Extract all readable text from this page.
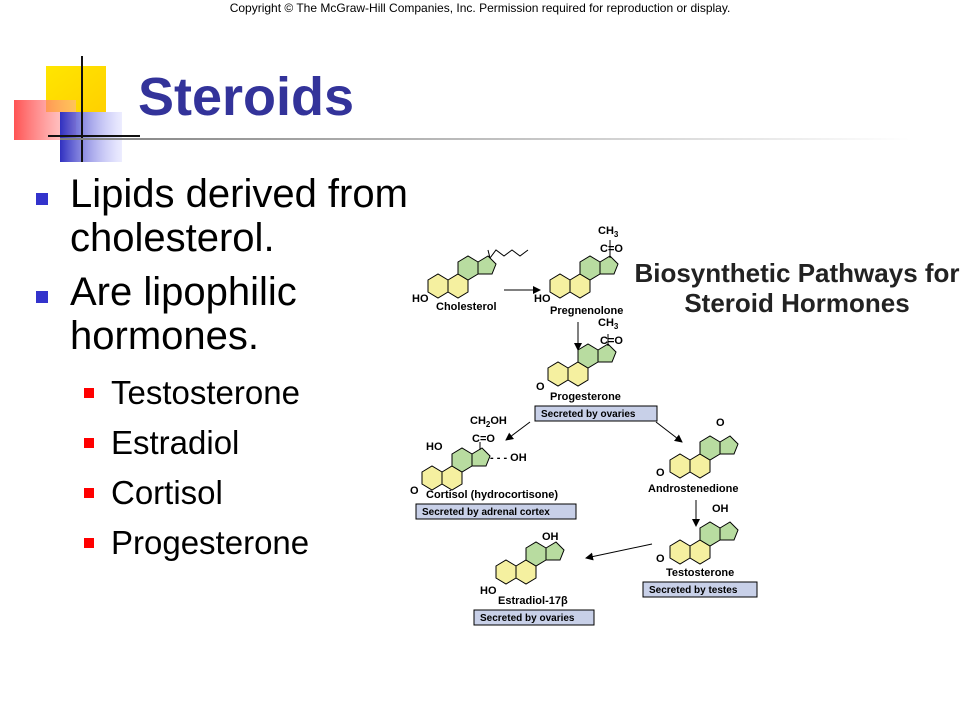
Copyright © The McGraw-Hill Companies, Inc. Permission required for reproduction or display.
Steroids
Lipids derived from cholesterol.
Are lipophilic hormones.
Testosterone
Estradiol
Cortisol
Progesterone
Biosynthetic Pathways for Steroid Hormones
HO
Cholesterol
$CH_3$
C=O
HO
Pregnenolone
$CH_3$
C=O
O
Progesterone
Secreted by ovaries
$CH_2OH$
C=O
HO
- - - OH
O Cortisol (hydrocortisone)
Secreted by adrenal cortex
O
O
Androstenedione
OH
O
Testosterone
Secreted by testes
OH
HO
Estradiol-17β
Secreted by ovaries
